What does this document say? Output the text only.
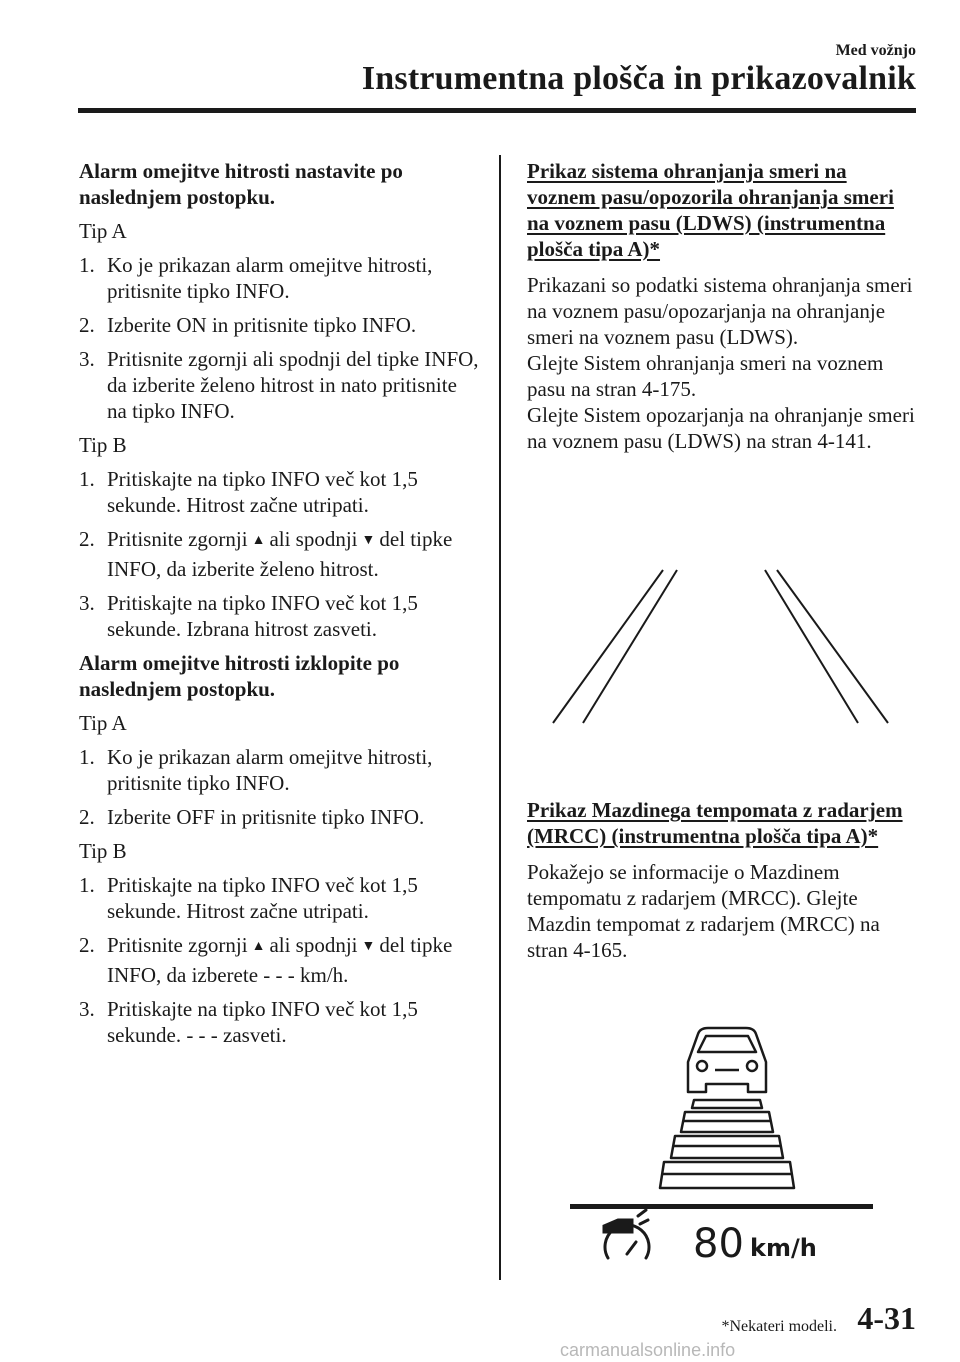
Med vožnjo
Instrumentna plošča in prikazovalnik

Alarm omejitve hitrosti nastavite po naslednjem postopku.

Tip A

1. Ko je prikazan alarm omejitve hitrosti, pritisnite tipko INFO.
2. Izberite ON in pritisnite tipko INFO.
3. Pritisnite zgornji ali spodnji del tipke INFO, da izberite želeno hitrost in nato pritisnite na tipko INFO.

Tip B

1. Pritiskajte na tipko INFO več kot 1,5 sekunde. Hitrost začne utripati.
2. Pritisnite zgornji ▲ ali spodnji ▼ del tipke INFO, da izberite želeno hitrost.
3. Pritiskajte na tipko INFO več kot 1,5 sekunde. Izbrana hitrost zasveti.

Alarm omejitve hitrosti izklopite po naslednjem postopku.

Tip A

1. Ko je prikazan alarm omejitve hitrosti, pritisnite tipko INFO.
2. Izberite OFF in pritisnite tipko INFO.

Tip B

1. Pritiskajte na tipko INFO več kot 1,5 sekunde. Hitrost začne utripati.
2. Pritisnite zgornji ▲ ali spodnji ▼ del tipke INFO, da izberete - - - km/h.
3. Pritiskajte na tipko INFO več kot 1,5 sekunde. - - - zasveti.

Prikaz sistema ohranjanja smeri na voznem pasu/opozorila ohranjanja smeri na voznem pasu (LDWS) (instrumentna plošča tipa A)*

Prikazani so podatki sistema ohranjanja smeri na voznem pasu/opozarjanja na ohranjanje smeri na voznem pasu (LDWS).

Glejte Sistem ohranjanja smeri na voznem pasu na stran 4-175.

Glejte Sistem opozarjanja na ohranjanje smeri na voznem pasu (LDWS) na stran 4-141.

Prikaz Mazdinega tempomata z radarjem (MRCC) (instrumentna plošča tipa A)*

Pokažejo se informacije o Mazdinem tempomatu z radarjem (MRCC). Glejte Mazdin tempomat z radarjem (MRCC) na stran 4-165.

80 km/h
*Nekateri modeli. 4-31
carmanualsonline.info
